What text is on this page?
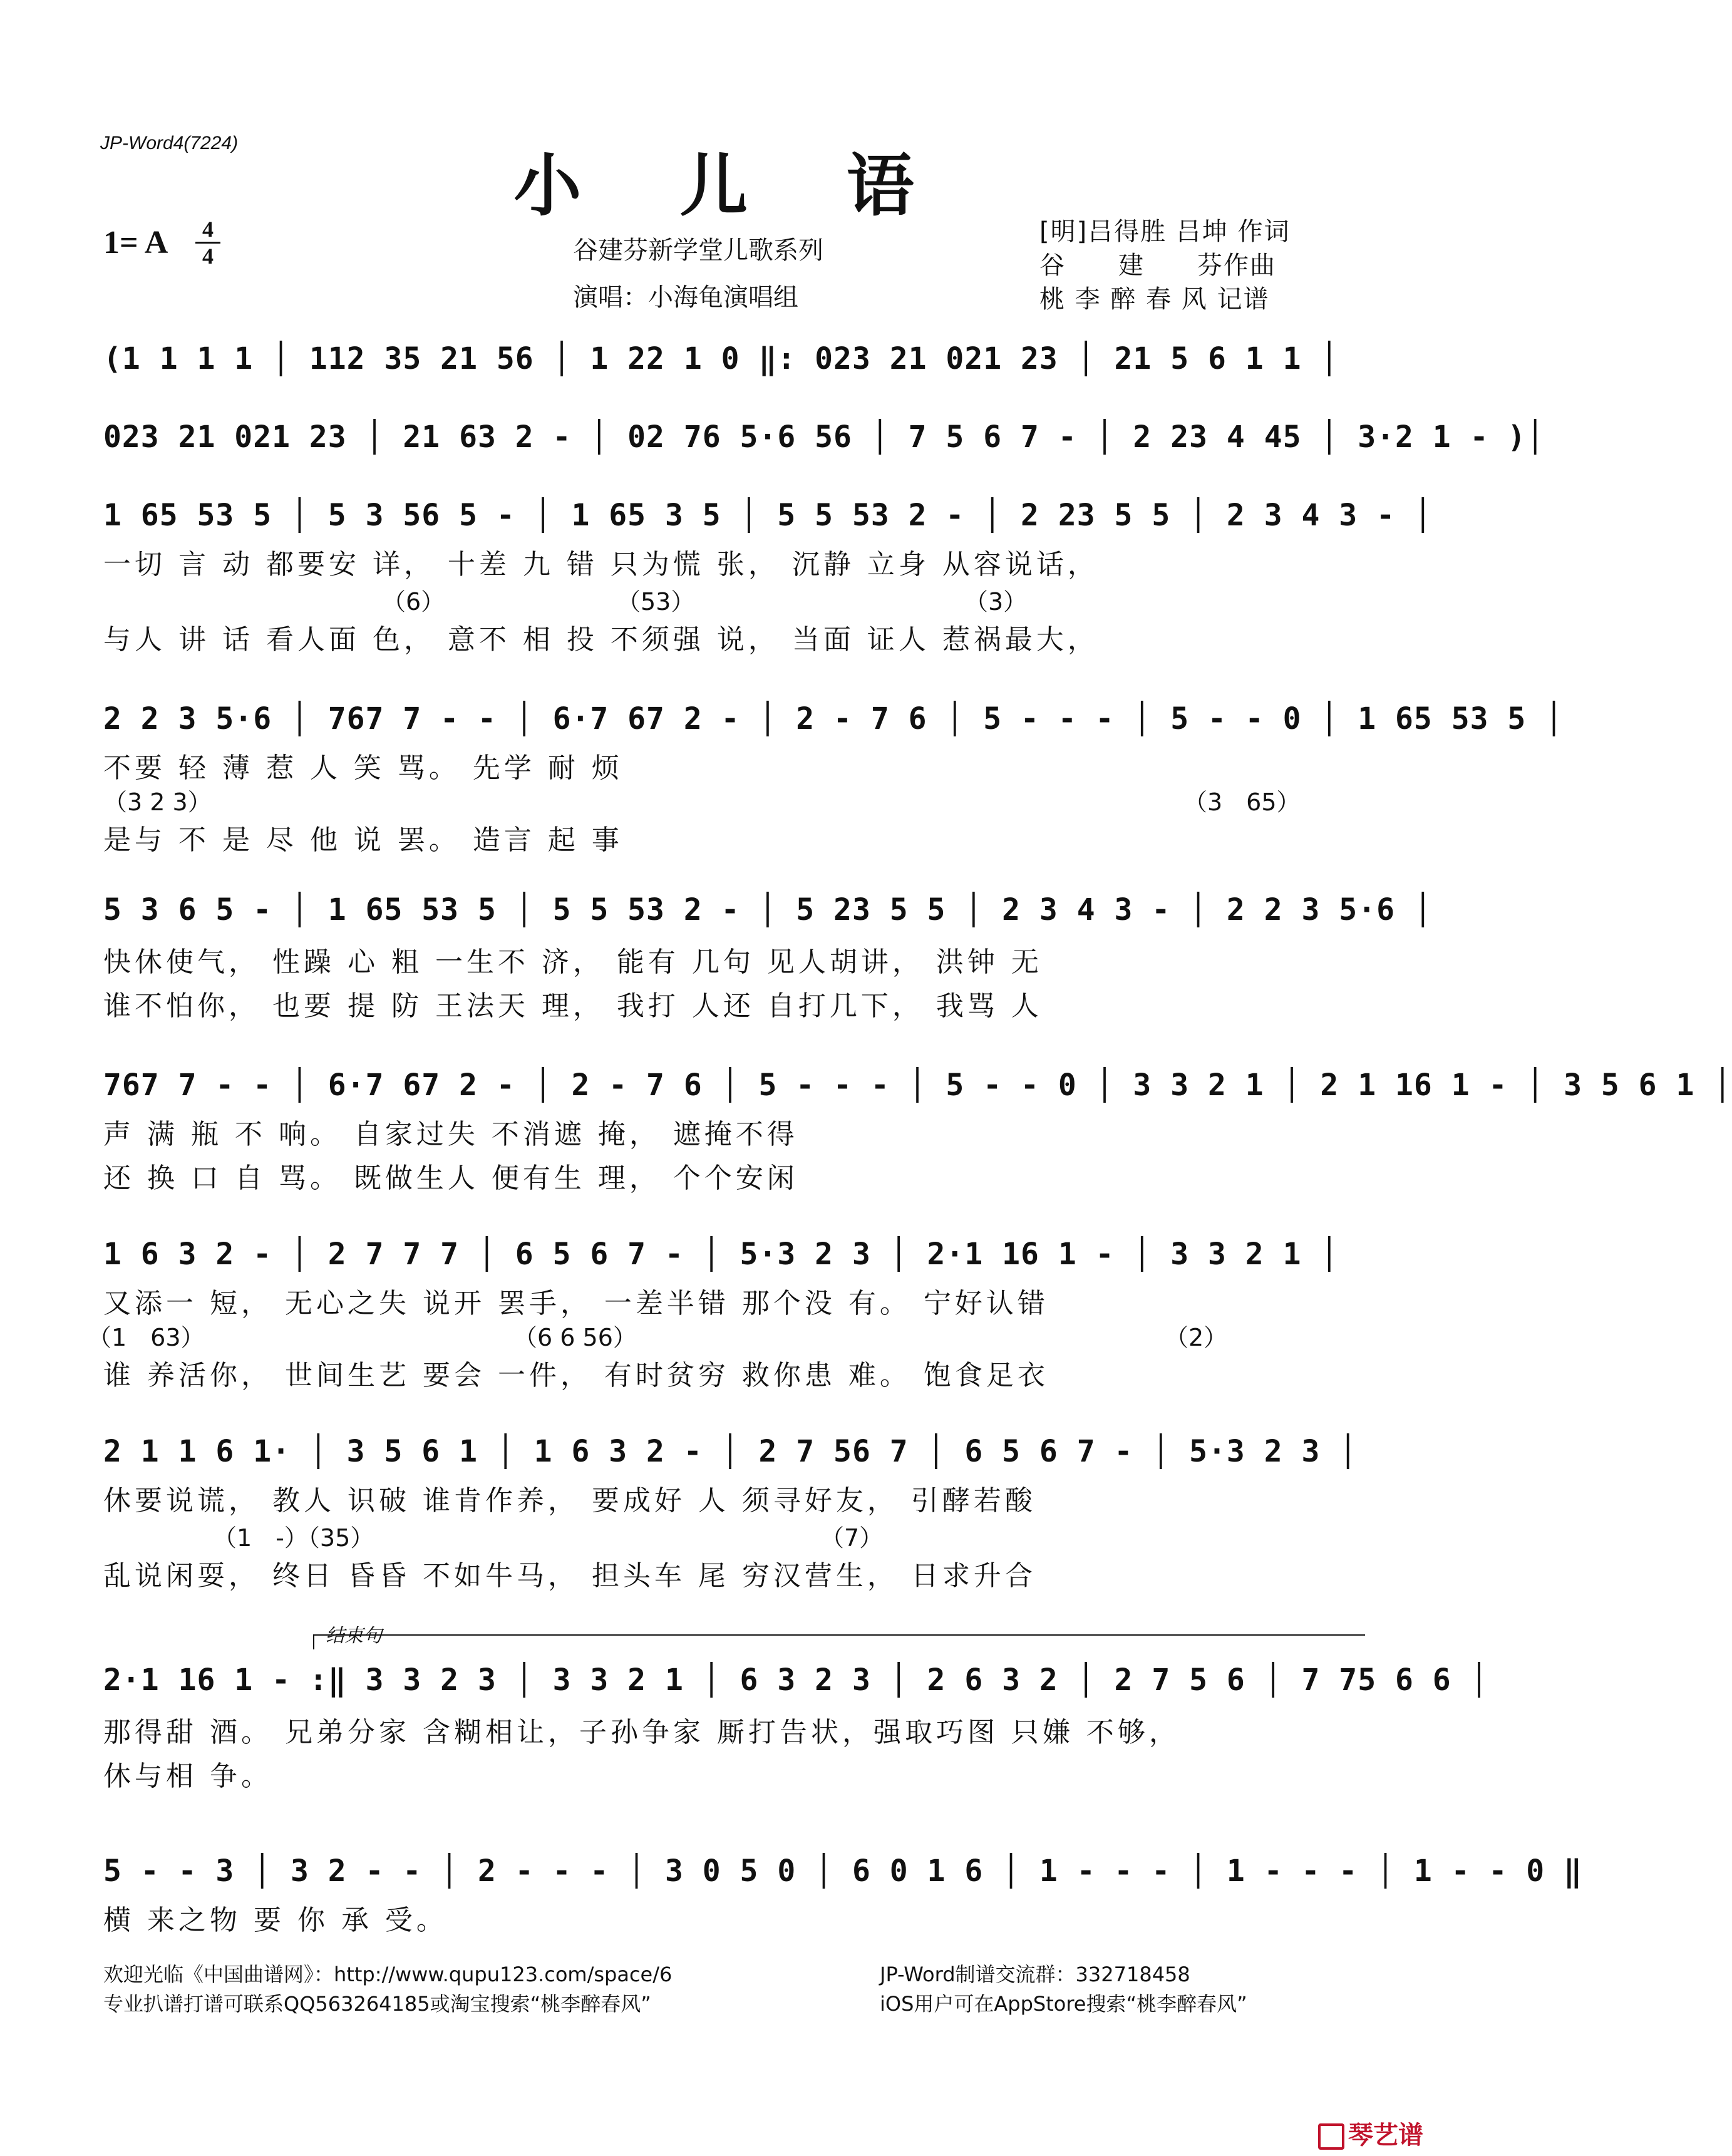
JP-Word4(7224)
小 儿 语
1= A	4
4	谷建芬新学堂儿歌系列
演唱：小海龟演唱组
[明]吕得胜 吕坤 作词
谷　　建　　芬作曲
桃 李 醉 春 风 记谱
(1 1 1 1 │ 112 35 21 56 │ 1 22 1 0 ‖: 023 21 021 23 │ 21 5 6 1 1 │
023 21 021 23 │ 21 63 2 - │ 02 76 5·6 56 │ 7 5 6 7 - │ 2 23 4 45 │ 3·2 1 - )│
1 65 53 5 │ 5 3 56 5 - │ 1 65 3 5 │ 5 5 53 2 - │ 2 23 5 5 │ 2 3 4 3 - │
一切 言 动 都要安 详， 十差 九 错 只为慌 张， 沉静 立身 从容说话，
（6）	（53）	（3）
与人 讲 话 看人面 色， 意不 相 投 不须强 说， 当面 证人 惹祸最大，
2 2 3 5·6 │ 767 7 - - │ 6·7 67 2 - │ 2 - 7 6 │ 5 - - - │ 5 - - 0 │ 1 65 53 5 │
不要 轻 薄 惹 人 笑 骂。 先学 耐 烦
（3 2 3）	（3　65）
是与 不 是 尽 他 说 罢。 造言 起 事
5 3 6 5 - │ 1 65 53 5 │ 5 5 53 2 - │ 5 23 5 5 │ 2 3 4 3 - │ 2 2 3 5·6 │
快休使气， 性躁 心 粗 一生不 济， 能有 几句 见人胡讲， 洪钟 无
谁不怕你， 也要 提 防 王法天 理， 我打 人还 自打几下， 我骂 人
767 7 - - │ 6·7 67 2 - │ 2 - 7 6 │ 5 - - - │ 5 - - 0 │ 3 3 2 1 │ 2 1 16 1 - │ 3 5 6 1 │
声 满 瓶 不 响。 自家过失 不消遮 掩， 遮掩不得
还 换 口 自 骂。 既做生人 便有生 理， 个个安闲
1 6 3 2 - │ 2 7 7 7 │ 6 5 6 7 - │ 5·3 2 3 │ 2·1 16 1 - │ 3 3 2 1 │
又添一 短， 无心之失 说开 罢手， 一差半错 那个没 有。 宁好认错
（1　63）	（6 6 56）	（2）
谁 养活你， 世间生艺 要会 一件， 有时贫穷 救你患 难。 饱食足衣
2 1 1 6 1· │ 3 5 6 1 │ 1 6 3 2 - │ 2 7 56 7 │ 6 5 6 7 - │ 5·3 2 3 │
休要说谎， 教人 识破 谁肯作养， 要成好 人 须寻好友， 引酵若酸
（1　-）（35）	（7）
乱说闲耍， 终日 昏昏 不如牛马， 担头车 尾 穷汉营生， 日求升合
结束句
2·1 16 1 - :‖ 3 3 2 3 │ 3 3 2 1 │ 6 3 2 3 │ 2 6 3 2 │ 2 7 5 6 │ 7 75 6 6 │
那得甜 酒。 兄弟分家 含糊相让，子孙争家 厮打告状，强取巧图 只嫌 不够，
休与相 争。
5 - - 3 │ 3 2 - - │ 2 - - - │ 3 0 5 0 │ 6 0 1 6 │ 1 - - - │ 1 - - - │ 1 - - 0 ‖
横 来之物 要 你 承 受。
欢迎光临《中国曲谱网》：http://www.qupu123.com/space/6
专业扒谱打谱可联系QQ563264185或淘宝搜索“桃李醉春风”
JP-Word制谱交流群：332718458
iOS用户可在AppStore搜索“桃李醉春风”
琴艺谱
